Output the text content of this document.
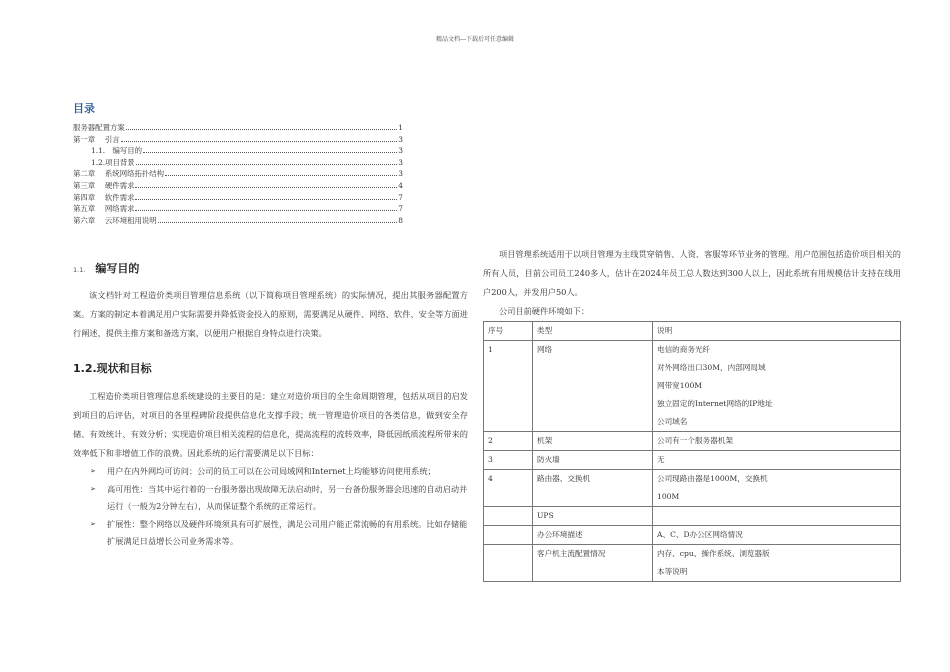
精品文档---下载后可任意编辑
目录
服务器配置方案	1
第一章　 引言	3
1.1.　编写目的	3
1.2.项目背景	3
第二章　 系统网络拓扑结构	3
第三章　 硬件需求	4
第四章　 软件需求	7
第五章　 网络需求	7
第六章　 云环境租用说明	8
1.1. 编写目的

该文档针对工程造价类项目管理信息系统（以下简称项目管理系统）的实际情况，提出其服务器配置方案。方案的制定本着满足用户实际需要并降低资金投入的原则，需要满足从硬件、网络、软件、安全等方面进行阐述，提供主推方案和备选方案，以便用户根据自身特点进行决策。

1.2.现状和目标

工程造价类项目管理信息系统建设的主要目的是：建立对造价项目的全生命周期管理，包括从项目的启发到项目的后评估，对项目的各里程碑阶段提供信息化支撑手段；统一管理造价项目的各类信息，做到安全存储、有效统计、有效分析；实现造价项目相关流程的信息化，提高流程的流转效率，降低因纸质流程所带来的效率低下和非增值工作的浪费。因此系统的运行需要满足以下目标：

➢ 用户在内外网均可访问：公司的员工可以在公司局域网和Internet上均能够访问使用系统；
➢ 高可用性：当其中运行着的一台服务器出现故障无法启动时，另一台备份服务器会迅速的自动启动并运行（一般为2分钟左右），从而保证整个系统的正常运行。
➢ 扩展性：整个网络以及硬件环境须具有可扩展性，满足公司用户能正常流畅的有用系统。比如存储能扩展满足日益增长公司业务需求等。

项目管理系统适用于以项目管理为主线贯穿销售、人资、客服等环节业务的管理。用户范围包括造价项目相关的所有人员，目前公司员工240多人，估计在2024年员工总人数达到300人以上，因此系统有用规模估计支持在线用户200人，并发用户50人。

公司目前硬件环境如下：

序号	类型	说明
1	网络	电信的商务光纤
对外网络出口30M，内部网局域
网带宽100M
独立固定的Internet网络的IP地址
公司域名

2	机架	公司有一个服务器机架

3	防火墙	无

4	路由器、交换机	公司现路由器是1000M，交换机
100M

	UPS	

	办公环境描述	A、C、D办公区网络情况

	客户机主流配置情况	内存、cpu、操作系统、浏览器版
本等说明
